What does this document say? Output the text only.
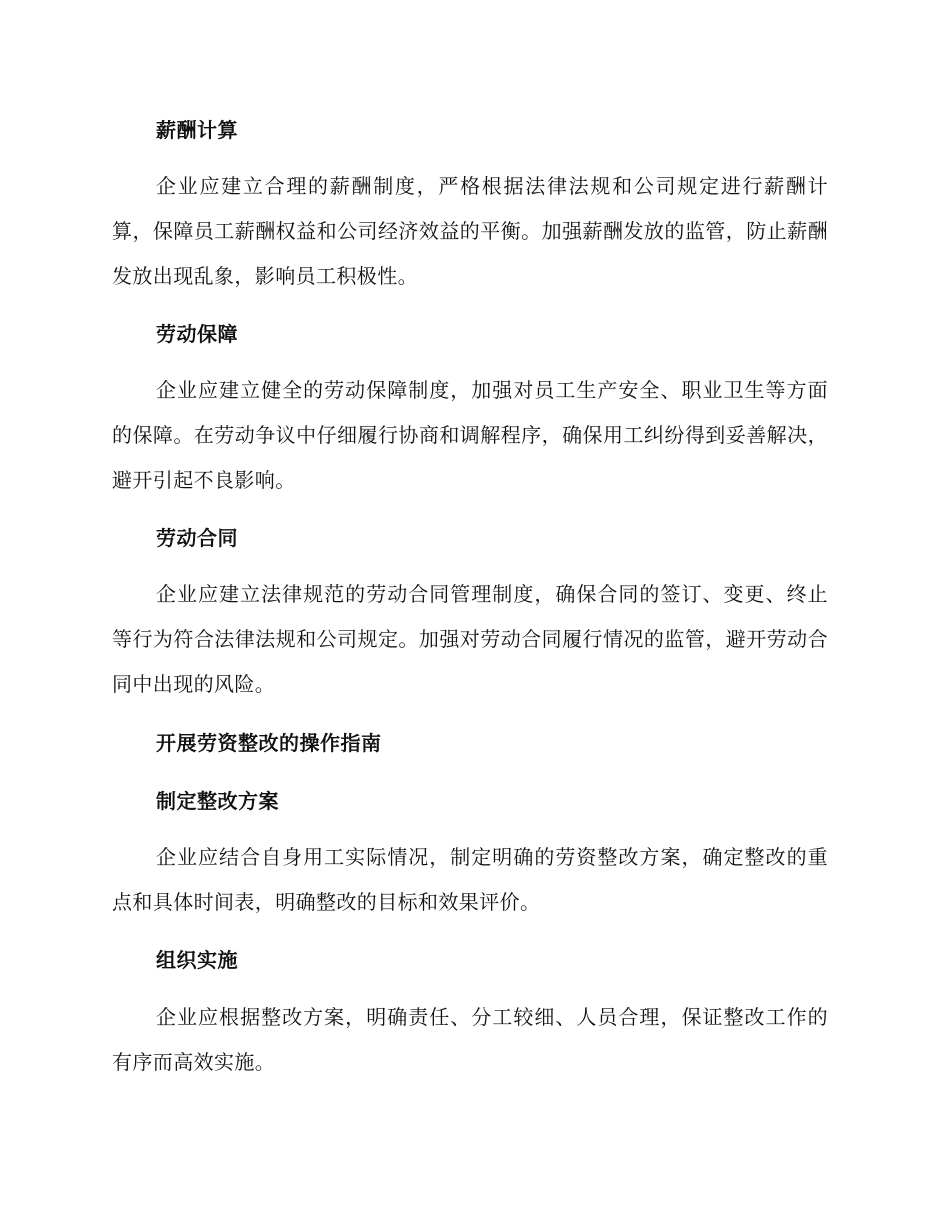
薪酬计算
企业应建立合理的薪酬制度，严格根据法律法规和公司规定进行薪酬计算，保障员工薪酬权益和公司经济效益的平衡。加强薪酬发放的监管，防止薪酬发放出现乱象，影响员工积极性。
劳动保障
企业应建立健全的劳动保障制度，加强对员工生产安全、职业卫生等方面的保障。在劳动争议中仔细履行协商和调解程序，确保用工纠纷得到妥善解决，避开引起不良影响。
劳动合同
企业应建立法律规范的劳动合同管理制度，确保合同的签订、变更、终止等行为符合法律法规和公司规定。加强对劳动合同履行情况的监管，避开劳动合同中出现的风险。
开展劳资整改的操作指南
制定整改方案
企业应结合自身用工实际情况，制定明确的劳资整改方案，确定整改的重点和具体时间表，明确整改的目标和效果评价。
组织实施
企业应根据整改方案，明确责任、分工较细、人员合理，保证整改工作的有序而高效实施。
